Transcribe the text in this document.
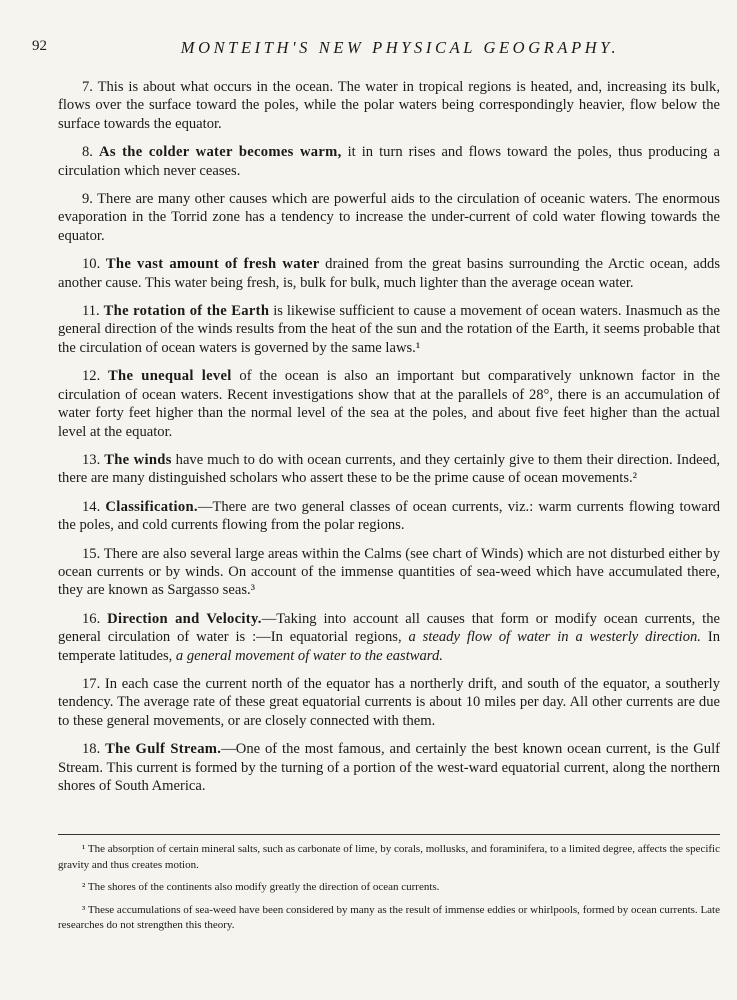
92	MONTEITH'S NEW PHYSICAL GEOGRAPHY.

7. This is about what occurs in the ocean. The water in tropical regions is heated, and, increasing its bulk, flows over the surface toward the poles, while the polar waters being correspondingly heavier, flow below the surface towards the equator.

8. As the colder water becomes warm, it in turn rises and flows toward the poles, thus producing a circulation which never ceases.

9. There are many other causes which are powerful aids to the circulation of oceanic waters. The enormous evaporation in the Torrid zone has a tendency to increase the under-current of cold water flowing towards the equator.

10. The vast amount of fresh water drained from the great basins surrounding the Arctic ocean, adds another cause. This water being fresh, is, bulk for bulk, much lighter than the average ocean water.

11. The rotation of the Earth is likewise sufficient to cause a movement of ocean waters. Inasmuch as the general direction of the winds results from the heat of the sun and the rotation of the Earth, it seems probable that the circulation of ocean waters is governed by the same laws.¹

12. The unequal level of the ocean is also an important but comparatively unknown factor in the circulation of ocean waters. Recent investigations show that at the parallels of 28°, there is an accumulation of water forty feet higher than the normal level of the sea at the poles, and about five feet higher than the actual level at the equator.

13. The winds have much to do with ocean currents, and they certainly give to them their direction. Indeed, there are many distinguished scholars who assert these to be the prime cause of ocean movements.²

14. Classification.—There are two general classes of ocean currents, viz.: warm currents flowing toward the poles, and cold currents flowing from the polar regions.

15. There are also several large areas within the Calms (see chart of Winds) which are not disturbed either by ocean currents or by winds. On account of the immense quantities of sea-weed which have accumulated there, they are known as Sargasso seas.³

16. Direction and Velocity.—Taking into account all causes that form or modify ocean currents, the general circulation of water is :—In equatorial regions, a steady flow of water in a westerly direction. In temperate latitudes, a general movement of water to the eastward.

17. In each case the current north of the equator has a northerly drift, and south of the equator, a southerly tendency. The average rate of these great equatorial currents is about 10 miles per day. All other currents are due to these general movements, or are closely connected with them.

18. The Gulf Stream.—One of the most famous, and certainly the best known ocean current, is the Gulf Stream. This current is formed by the turning of a portion of the west-ward equatorial current, along the northern shores of South America.

¹ The absorption of certain mineral salts, such as carbonate of lime, by corals, mollusks, and foraminifera, to a limited degree, affects the specific gravity and thus creates motion.

² The shores of the continents also modify greatly the direction of ocean currents.

³ These accumulations of sea-weed have been considered by many as the result of immense eddies or whirlpools, formed by ocean currents. Late researches do not strengthen this theory.
